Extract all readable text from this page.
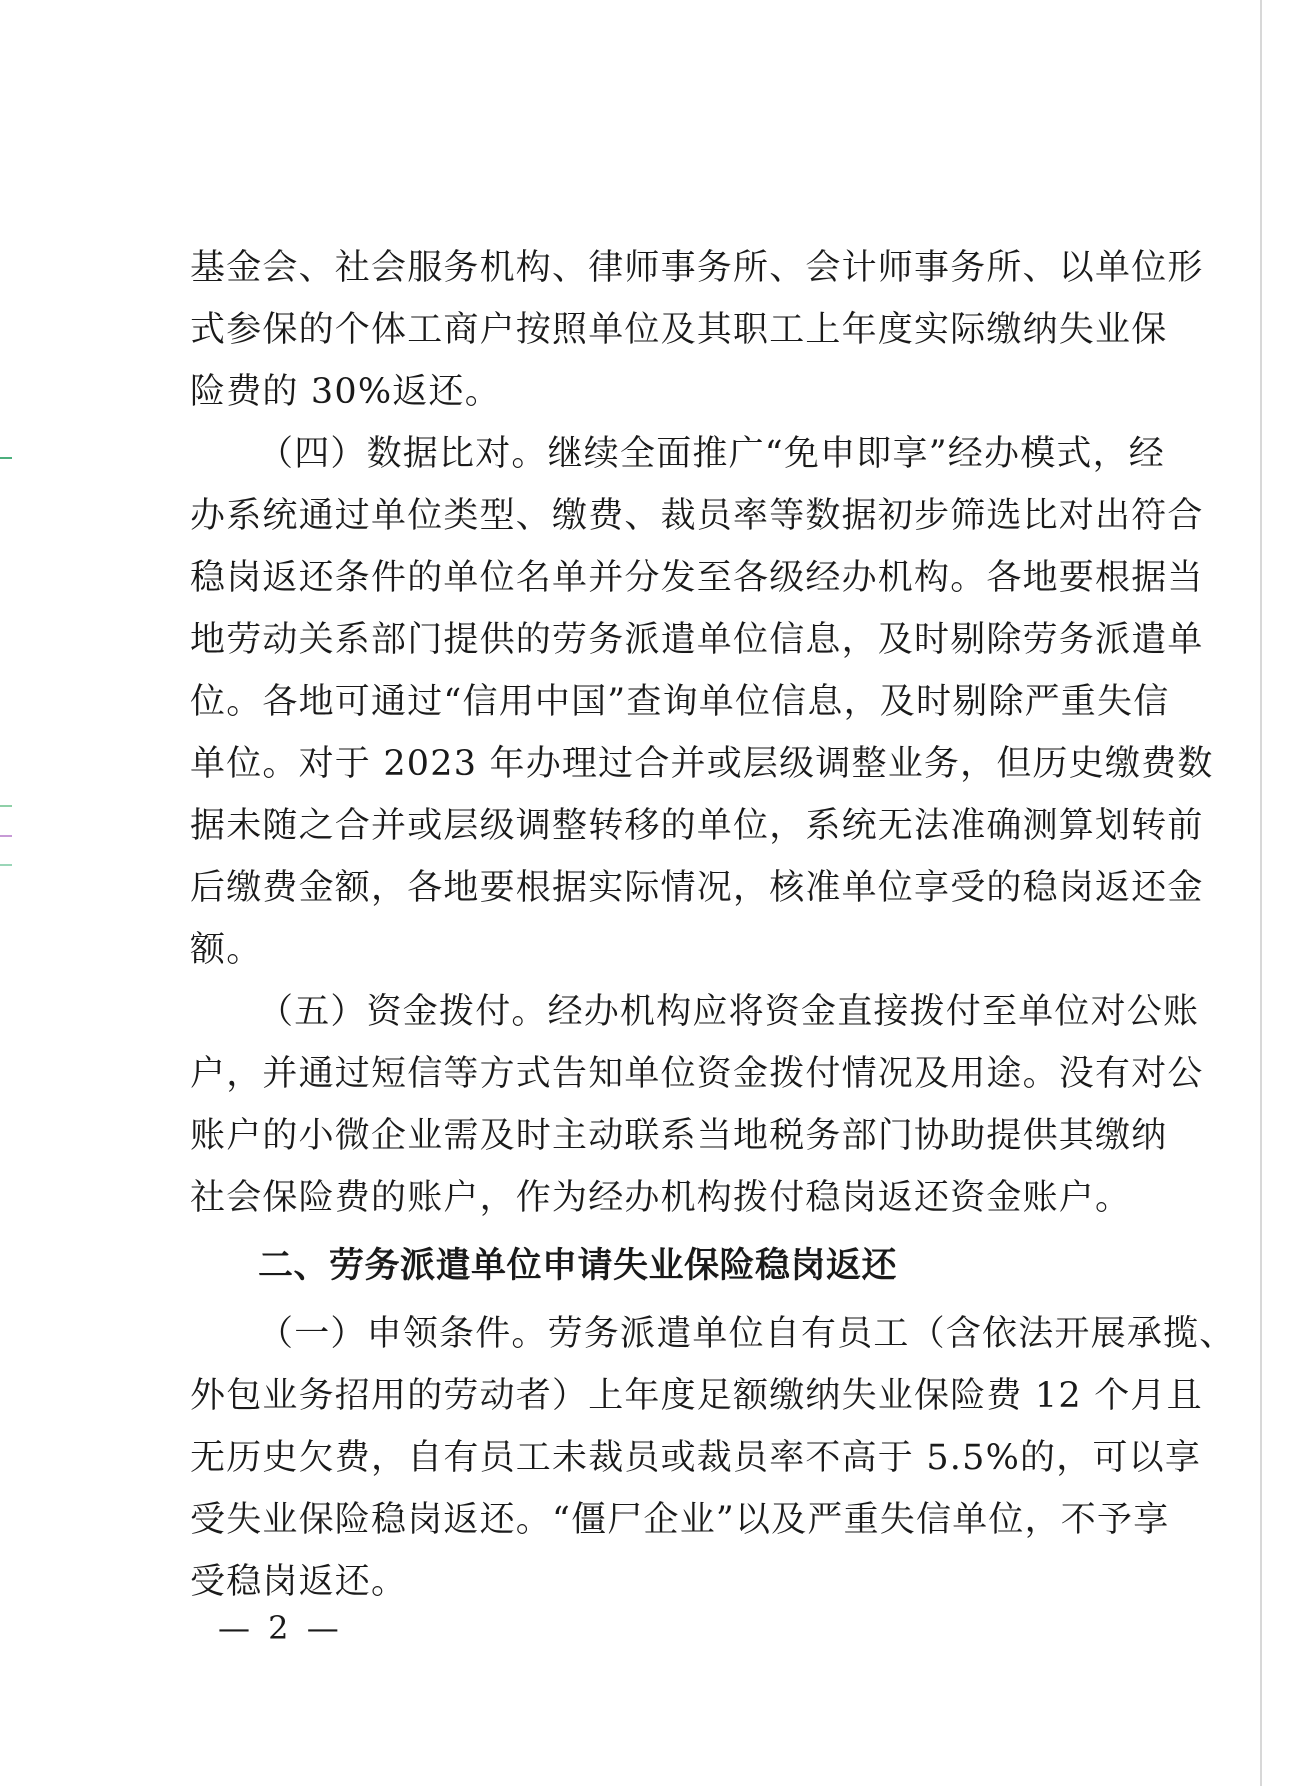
基金会、社会服务机构、律师事务所、会计师事务所、以单位形
式参保的个体工商户按照单位及其职工上年度实际缴纳失业保
险费的 30%返还。
（四）数据比对。继续全面推广“免申即享”经办模式，经
办系统通过单位类型、缴费、裁员率等数据初步筛选比对出符合
稳岗返还条件的单位名单并分发至各级经办机构。各地要根据当
地劳动关系部门提供的劳务派遣单位信息，及时剔除劳务派遣单
位。各地可通过“信用中国”查询单位信息，及时剔除严重失信
单位。对于 2023 年办理过合并或层级调整业务，但历史缴费数
据未随之合并或层级调整转移的单位，系统无法准确测算划转前
后缴费金额，各地要根据实际情况，核准单位享受的稳岗返还金
额。
（五）资金拨付。经办机构应将资金直接拨付至单位对公账
户，并通过短信等方式告知单位资金拨付情况及用途。没有对公
账户的小微企业需及时主动联系当地税务部门协助提供其缴纳
社会保险费的账户，作为经办机构拨付稳岗返还资金账户。
二、劳务派遣单位申请失业保险稳岗返还
（一）申领条件。劳务派遣单位自有员工（含依法开展承揽、
外包业务招用的劳动者）上年度足额缴纳失业保险费 12 个月且
无历史欠费，自有员工未裁员或裁员率不高于 5.5%的，可以享
受失业保险稳岗返还。“僵尸企业”以及严重失信单位，不予享
受稳岗返还。
— 2 —
